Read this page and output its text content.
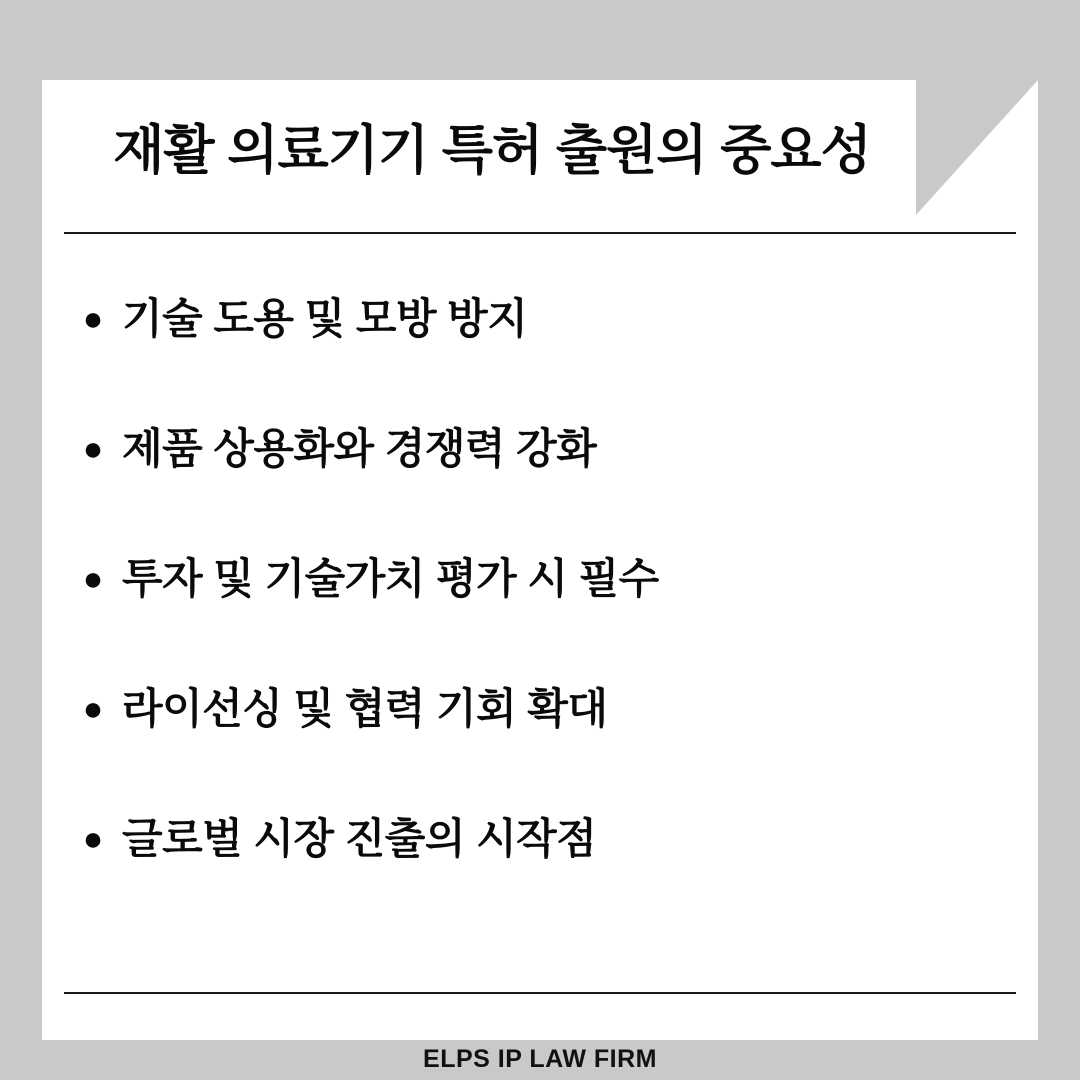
재활 의료기기 특허 출원의 중요성
● 기술 도용 및 모방 방지
● 제품 상용화와 경쟁력 강화
● 투자 및 기술가치 평가 시 필수
● 라이선싱 및 협력 기회 확대
● 글로벌 시장 진출의 시작점
ELPS IP LAW FIRM
